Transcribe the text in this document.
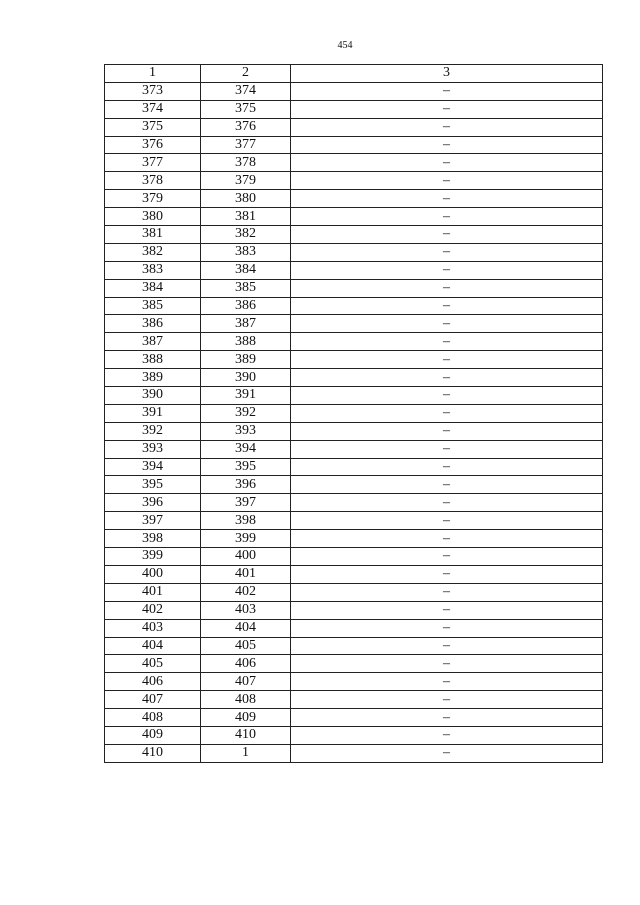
454
1	2	3
373	374	–
374	375	–
375	376	–
376	377	–
377	378	–
378	379	–
379	380	–
380	381	–
381	382	–
382	383	–
383	384	–
384	385	–
385	386	–
386	387	–
387	388	–
388	389	–
389	390	–
390	391	–
391	392	–
392	393	–
393	394	–
394	395	–
395	396	–
396	397	–
397	398	–
398	399	–
399	400	–
400	401	–
401	402	–
402	403	–
403	404	–
404	405	–
405	406	–
406	407	–
407	408	–
408	409	–
409	410	–
410	1	–
